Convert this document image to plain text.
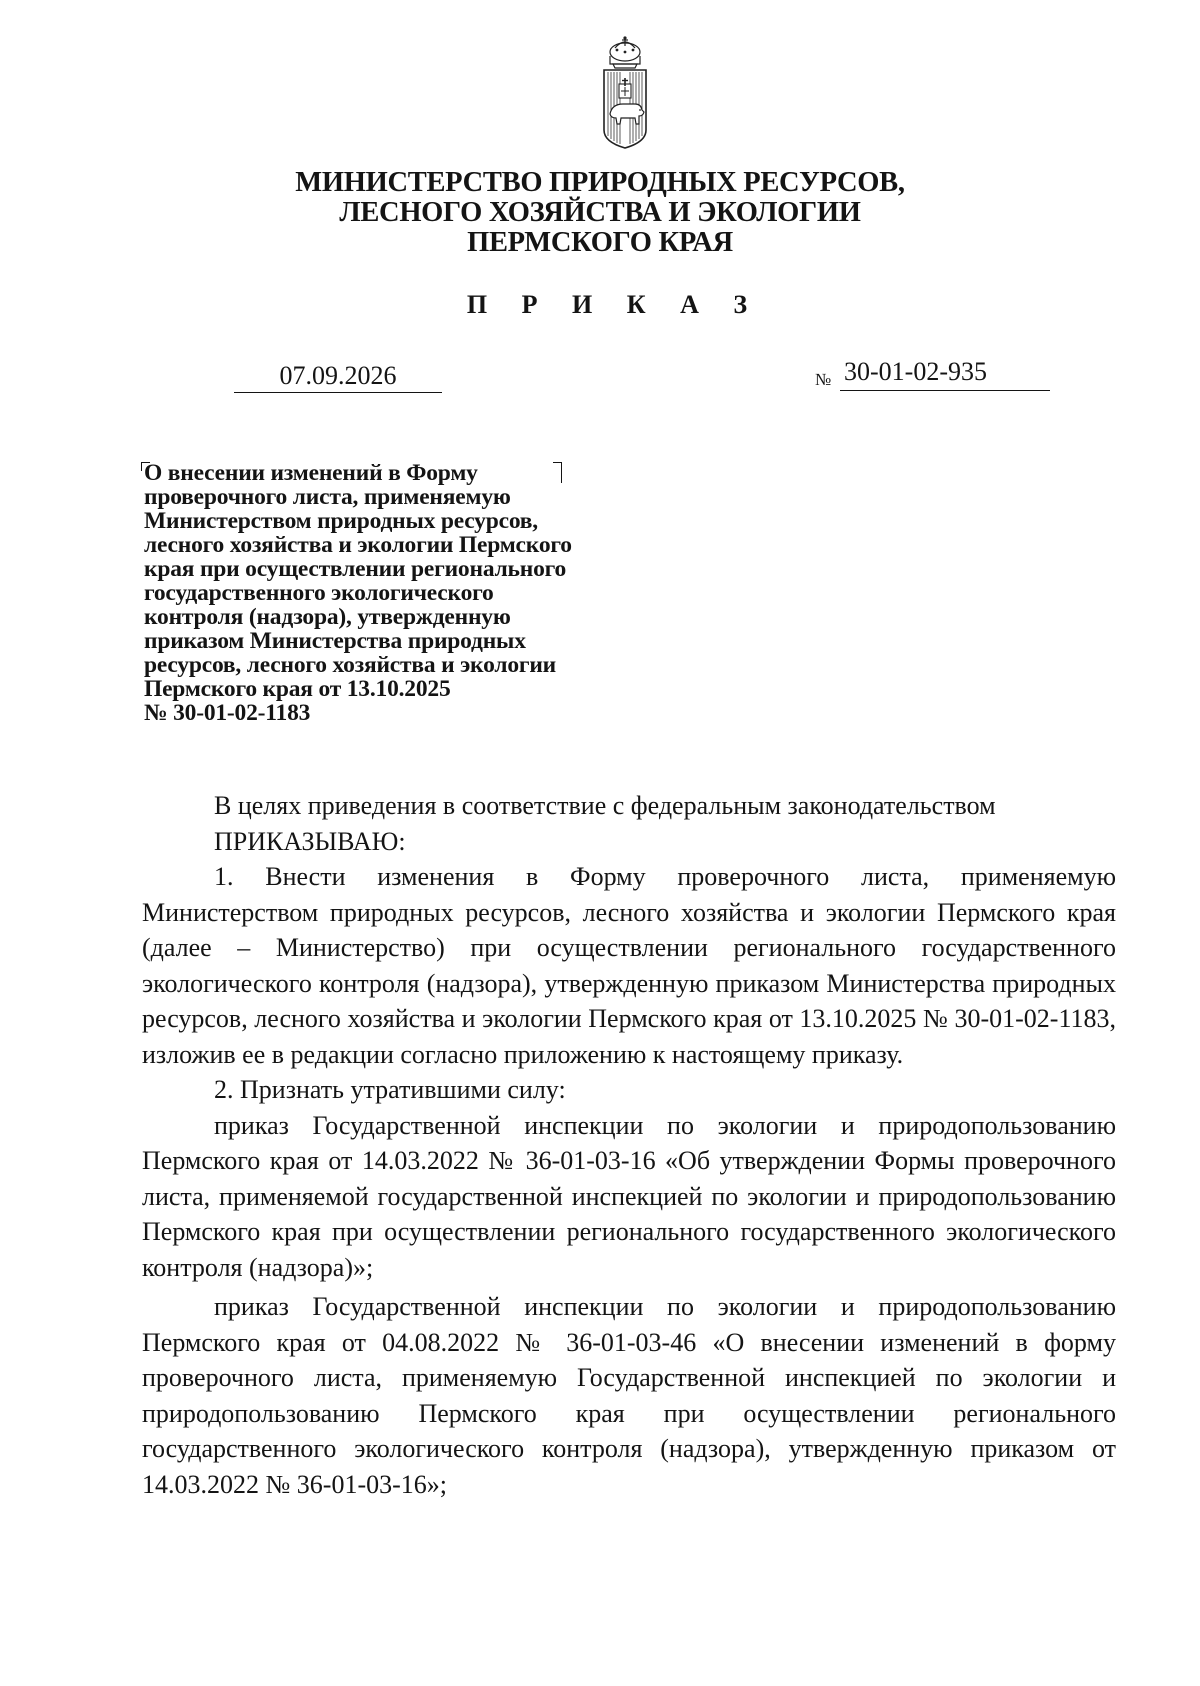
МИНИСТЕРСТВО ПРИРОДНЫХ РЕСУРСОВ,
ЛЕСНОГО ХОЗЯЙСТВА И ЭКОЛОГИИ
ПЕРМСКОГО КРАЯ
П Р И К А З
07.09.2026	№ 30-01-02-935
О внесении изменений в Форму
проверочного листа, применяемую
Министерством природных ресурсов,
лесного хозяйства и экологии Пермского
края при осуществлении регионального
государственного экологического
контроля (надзора), утвержденную
приказом Министерства природных
ресурсов, лесного хозяйства и экологии
Пермского края от 13.10.2025
№ 30-01-02-1183

В целях приведения в соответствие с федеральным законодательством

ПРИКАЗЫВАЮ:

1. Внести изменения в Форму проверочного листа, применяемую Министерством природных ресурсов, лесного хозяйства и экологии Пермского края (далее – Министерство) при осуществлении регионального государственного экологического контроля (надзора), утвержденную приказом Министерства природных ресурсов, лесного хозяйства и экологии Пермского края от 13.10.2025 № 30-01-02-1183, изложив ее в редакции согласно приложению к настоящему приказу.

2. Признать утратившими силу:

приказ Государственной инспекции по экологии и природопользованию Пермского края от 14.03.2022 № 36-01-03-16 «Об утверждении Формы проверочного листа, применяемой государственной инспекцией по экологии и природопользованию Пермского края при осуществлении регионального государственного экологического контроля (надзора)»;

приказ Государственной инспекции по экологии и природопользованию Пермского края от 04.08.2022 № 36-01-03-46 «О внесении изменений в форму проверочного листа, применяемую Государственной инспекцией по экологии и природопользованию Пермского края при осуществлении регионального государственного экологического контроля (надзора), утвержденную приказом от 14.03.2022 № 36-01-03-16»;
